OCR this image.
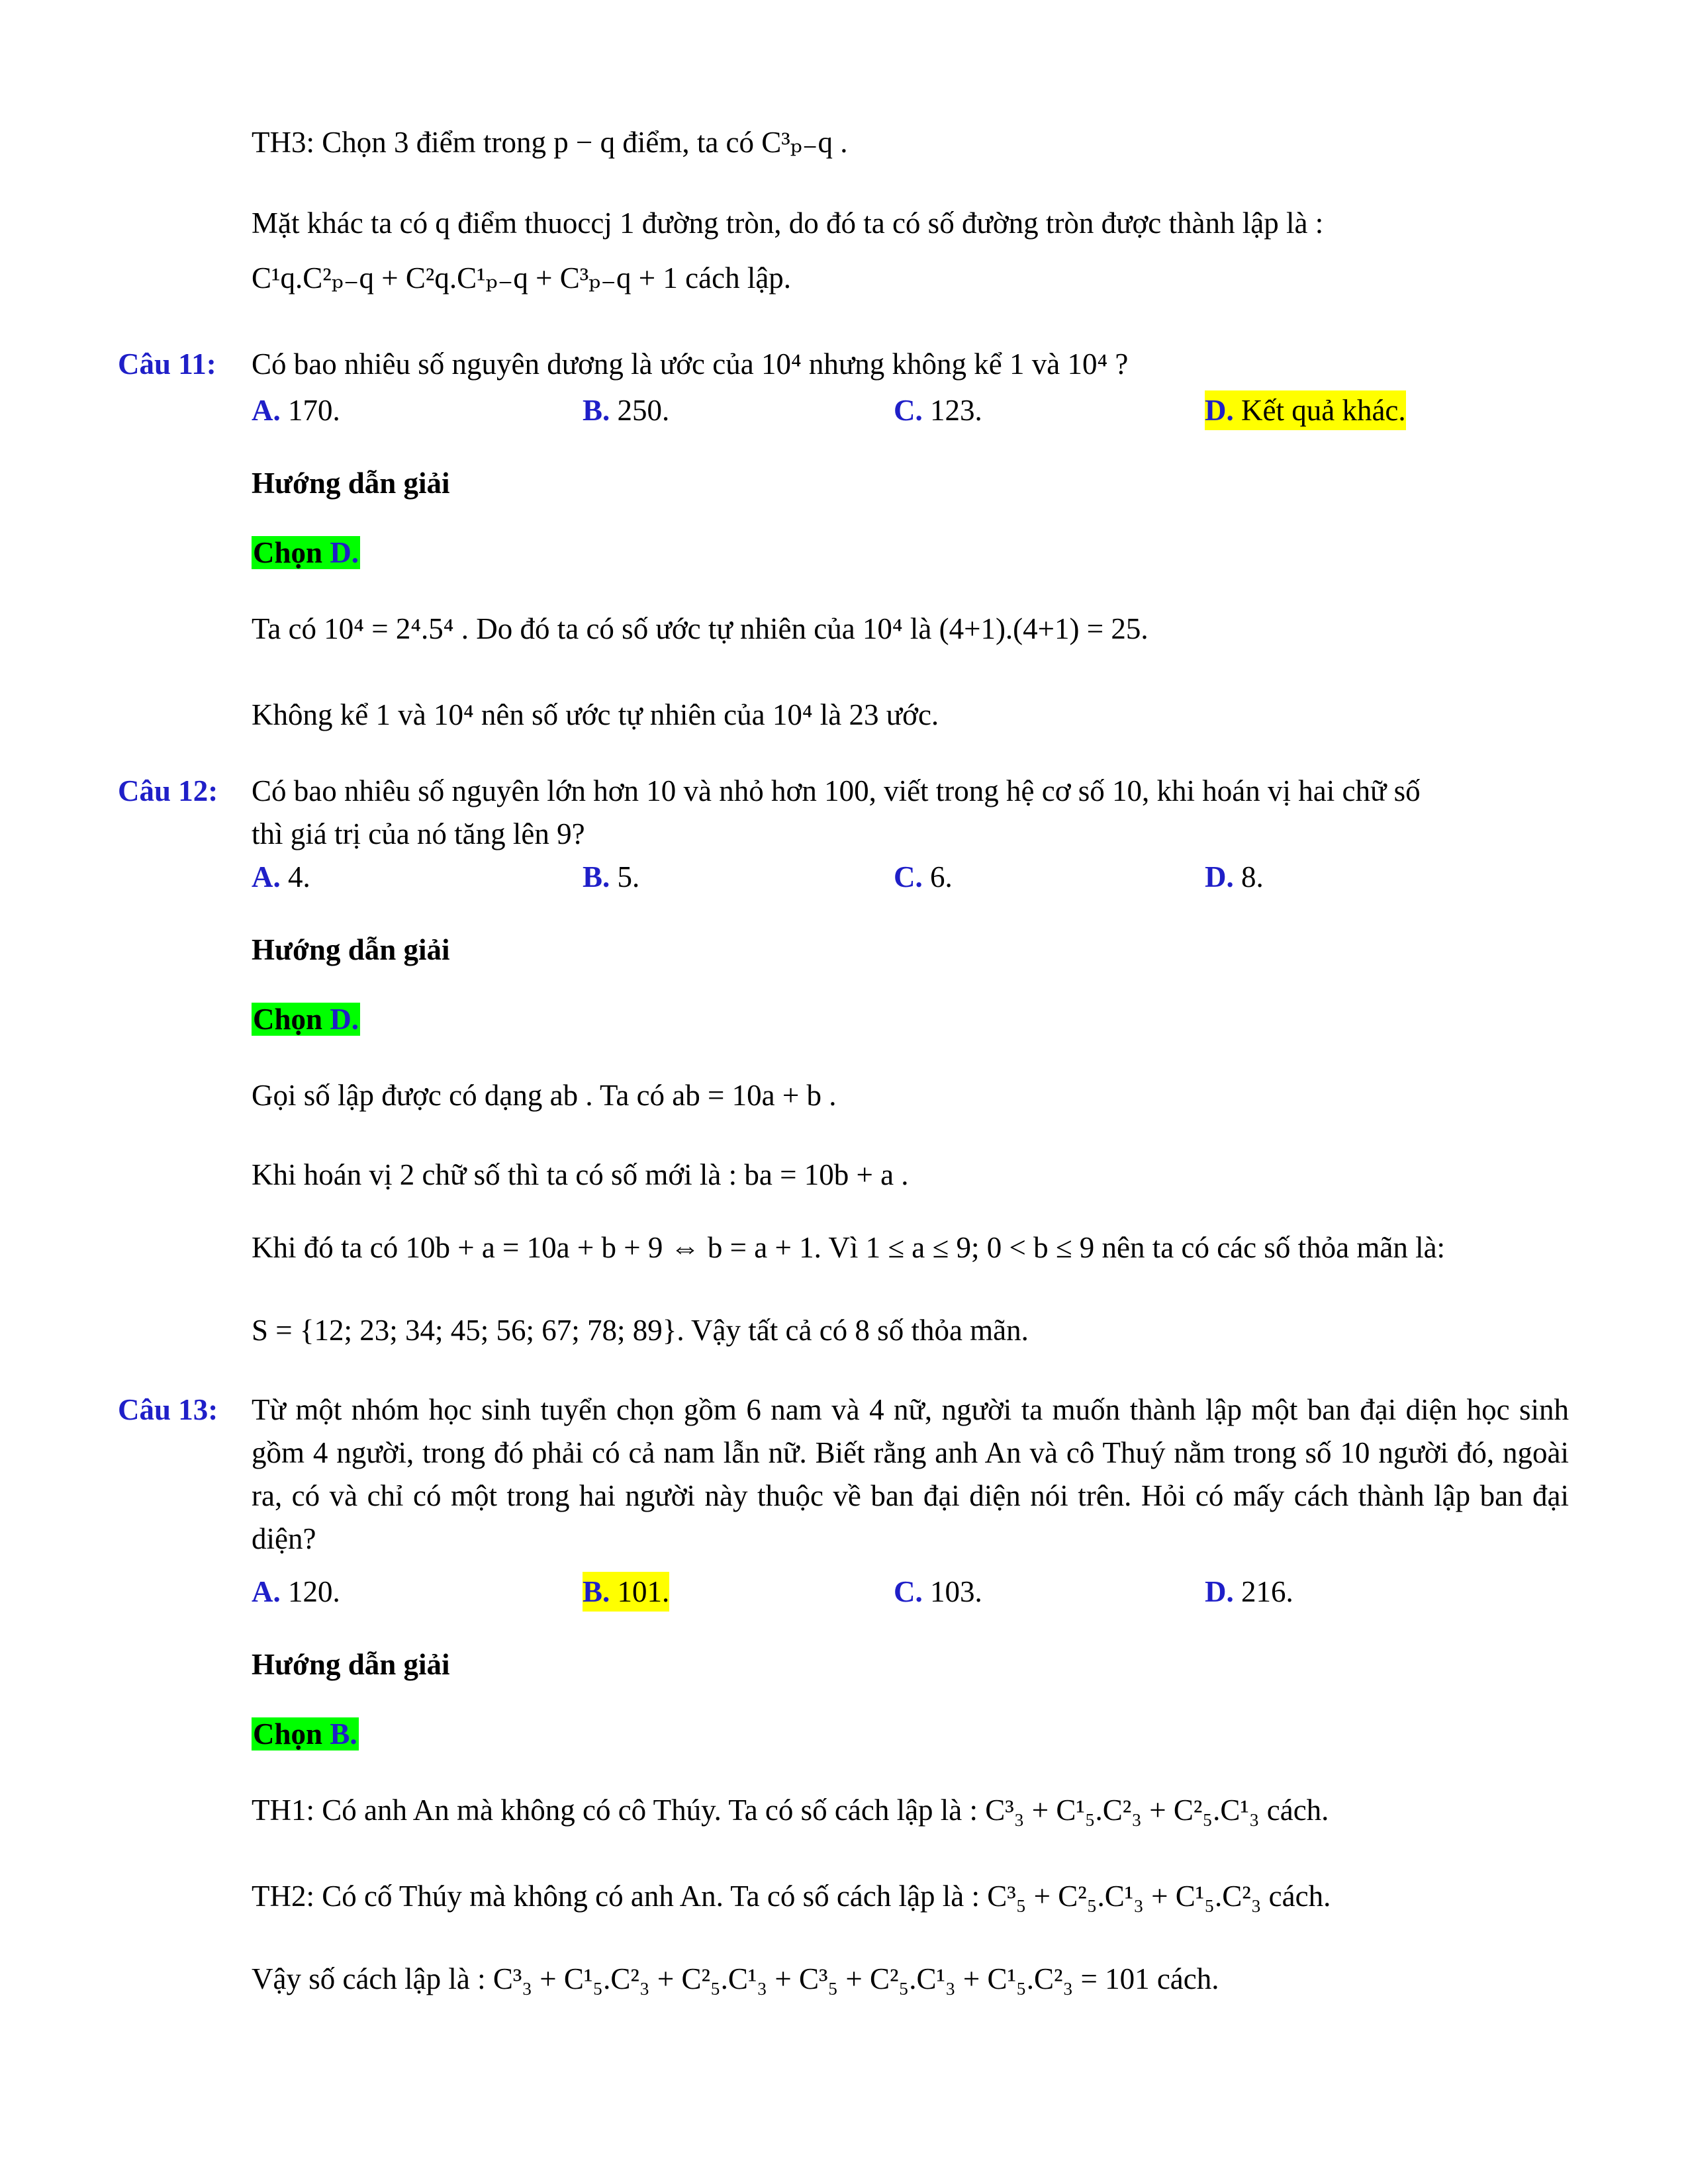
TH3: Chọn 3 điểm trong p − q điểm, ta có C³ₚ₋q .
Mặt khác ta có q điểm thuoccj 1 đường tròn, do đó ta có số đường tròn được thành lập là :
C¹q.C²ₚ₋q + C²q.C¹ₚ₋q + C³ₚ₋q + 1 cách lập.
Câu 11: Có bao nhiêu số nguyên dương là ước của 10⁴ nhưng không kể 1 và 10⁴ ?
A. 170.	B. 250.	C. 123.	D. Kết quả khác.
Hướng dẫn giải
Chọn D.
Ta có 10⁴ = 2⁴.5⁴ . Do đó ta có số ước tự nhiên của 10⁴ là (4+1).(4+1) = 25.
Không kể 1 và 10⁴ nên số ước tự nhiên của 10⁴ là 23 ước.
Câu 12: Có bao nhiêu số nguyên lớn hơn 10 và nhỏ hơn 100, viết trong hệ cơ số 10, khi hoán vị hai chữ số
thì giá trị của nó tăng lên 9?
A. 4.	B. 5.	C. 6.	D. 8.
Hướng dẫn giải
Chọn D.
Gọi số lập được có dạng ab . Ta có ab = 10a + b .
Khi hoán vị 2 chữ số thì ta có số mới là : ba = 10b + a .
Khi đó ta có 10b + a = 10a + b + 9 ⇔ b = a + 1. Vì 1 ≤ a ≤ 9; 0 < b ≤ 9 nên ta có các số thỏa mãn là:
S = {12; 23; 34; 45; 56; 67; 78; 89}. Vậy tất cả có 8 số thỏa mãn.
Câu 13: Từ một nhóm học sinh tuyển chọn gồm 6 nam và 4 nữ, người ta muốn thành lập một ban đại diện học sinh gồm 4 người, trong đó phải có cả nam lẫn nữ. Biết rằng anh An và cô Thuý nằm trong số 10 người đó, ngoài ra, có và chỉ có một trong hai người này thuộc về ban đại diện nói trên. Hỏi có mấy cách thành lập ban đại diện?
A. 120.	B. 101.	C. 103.	D. 216.
Hướng dẫn giải
Chọn B.
TH1: Có anh An mà không có cô Thúy. Ta có số cách lập là : C³₃ + C¹₅.C²₃ + C²₅.C¹₃ cách.
TH2: Có cố Thúy mà không có anh An. Ta có số cách lập là : C³₅ + C²₅.C¹₃ + C¹₅.C²₃ cách.
Vậy số cách lập là : C³₃ + C¹₅.C²₃ + C²₅.C¹₃ + C³₅ + C²₅.C¹₃ + C¹₅.C²₃ = 101 cách.
